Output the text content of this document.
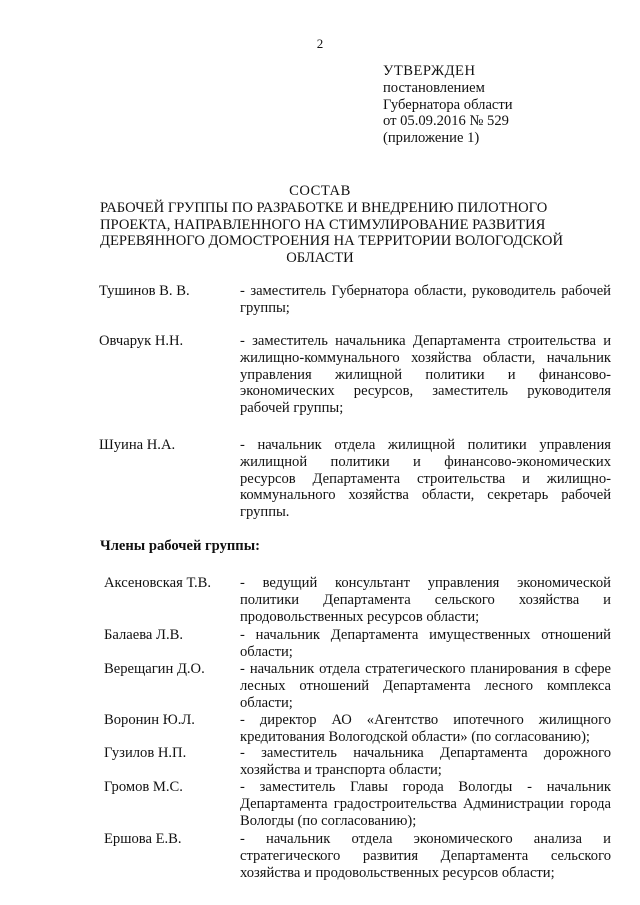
2
УТВЕРЖДЕН
постановлением
Губернатора области
от 05.09.2016 № 529
(приложение 1)
СОСТАВ
РАБОЧЕЙ ГРУППЫ ПО РАЗРАБОТКЕ И ВНЕДРЕНИЮ ПИЛОТНОГО
ПРОЕКТА, НАПРАВЛЕННОГО НА СТИМУЛИРОВАНИЕ РАЗВИТИЯ
ДЕРЕВЯННОГО ДОМОСТРОЕНИЯ НА ТЕРРИТОРИИ ВОЛОГОДСКОЙ
ОБЛАСТИ
Тушинов В. В.	- заместитель Губернатора области, руководитель рабочей группы;
Овчарук Н.Н.	- заместитель начальника Департамента строительства и жилищно-коммунального хозяйства области, начальник управления жилищной политики и финансово-экономических ресурсов, заместитель руководителя рабочей группы;
Шуина Н.А.	- начальник отдела жилищной политики управления жилищной политики и финансово-экономических ресурсов Департамента строительства и жилищно-коммунального хозяйства области, секретарь рабочей группы.
Члены рабочей группы:
Аксеновская Т.В. - ведущий консультант управления экономической политики Департамента сельского хозяйства и продовольственных ресурсов области;
Балаева Л.В.	- начальник Департамента имущественных отношений области;
Верещагин Д.О. - начальник отдела стратегического планирования в сфере лесных отношений Департамента лесного комплекса области;
Воронин Ю.Л.	- директор АО «Агентство ипотечного жилищного кредитования Вологодской области» (по согласованию);
Гузилов Н.П.	- заместитель начальника Департамента дорожного хозяйства и транспорта области;
Громов М.С.	- заместитель Главы города Вологды - начальник Департамента градостроительства Администрации города Вологды (по согласованию);
Ершова Е.В.	- начальник отдела экономического анализа и стратегического развития Департамента сельского хозяйства и продовольственных ресурсов области;
